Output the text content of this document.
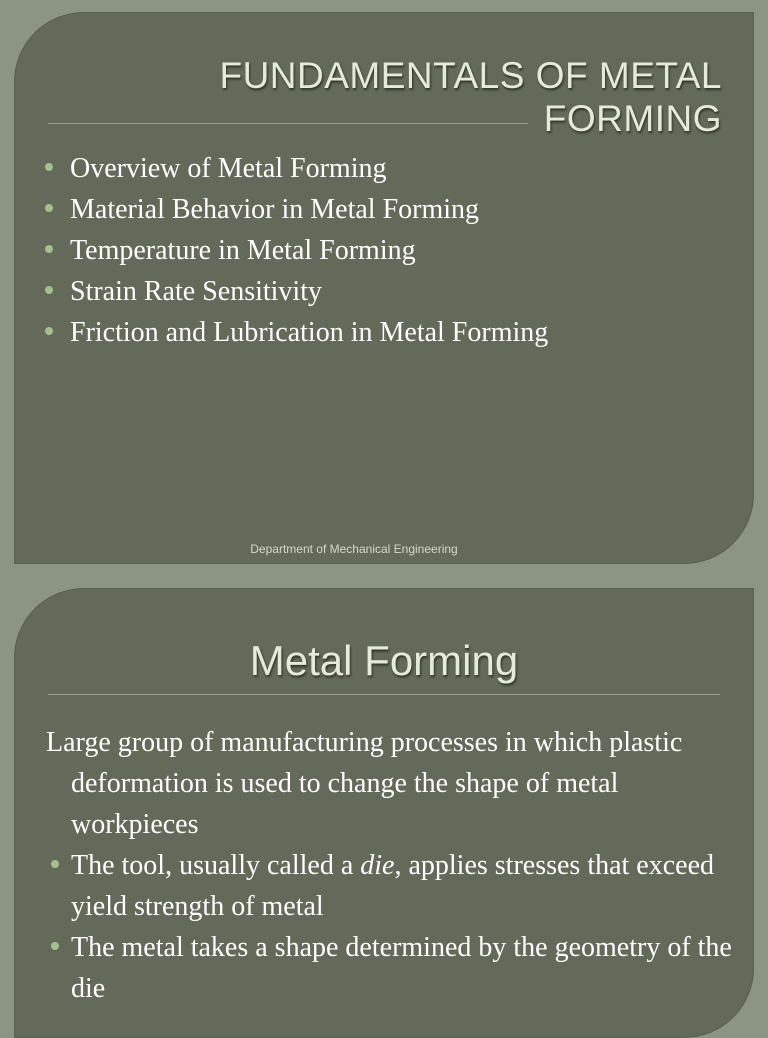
FUNDAMENTALS OF METAL
FORMING
Overview of Metal Forming
Material Behavior in Metal Forming
Temperature in Metal Forming
Strain Rate Sensitivity
Friction and Lubrication in Metal Forming
Department of Mechanical Engineering
Metal Forming
Large group of manufacturing processes in which plastic deformation is used to change the shape of metal workpieces
The tool, usually called a die, applies stresses that exceed yield strength of metal
The metal takes a shape determined by the geometry of the die
